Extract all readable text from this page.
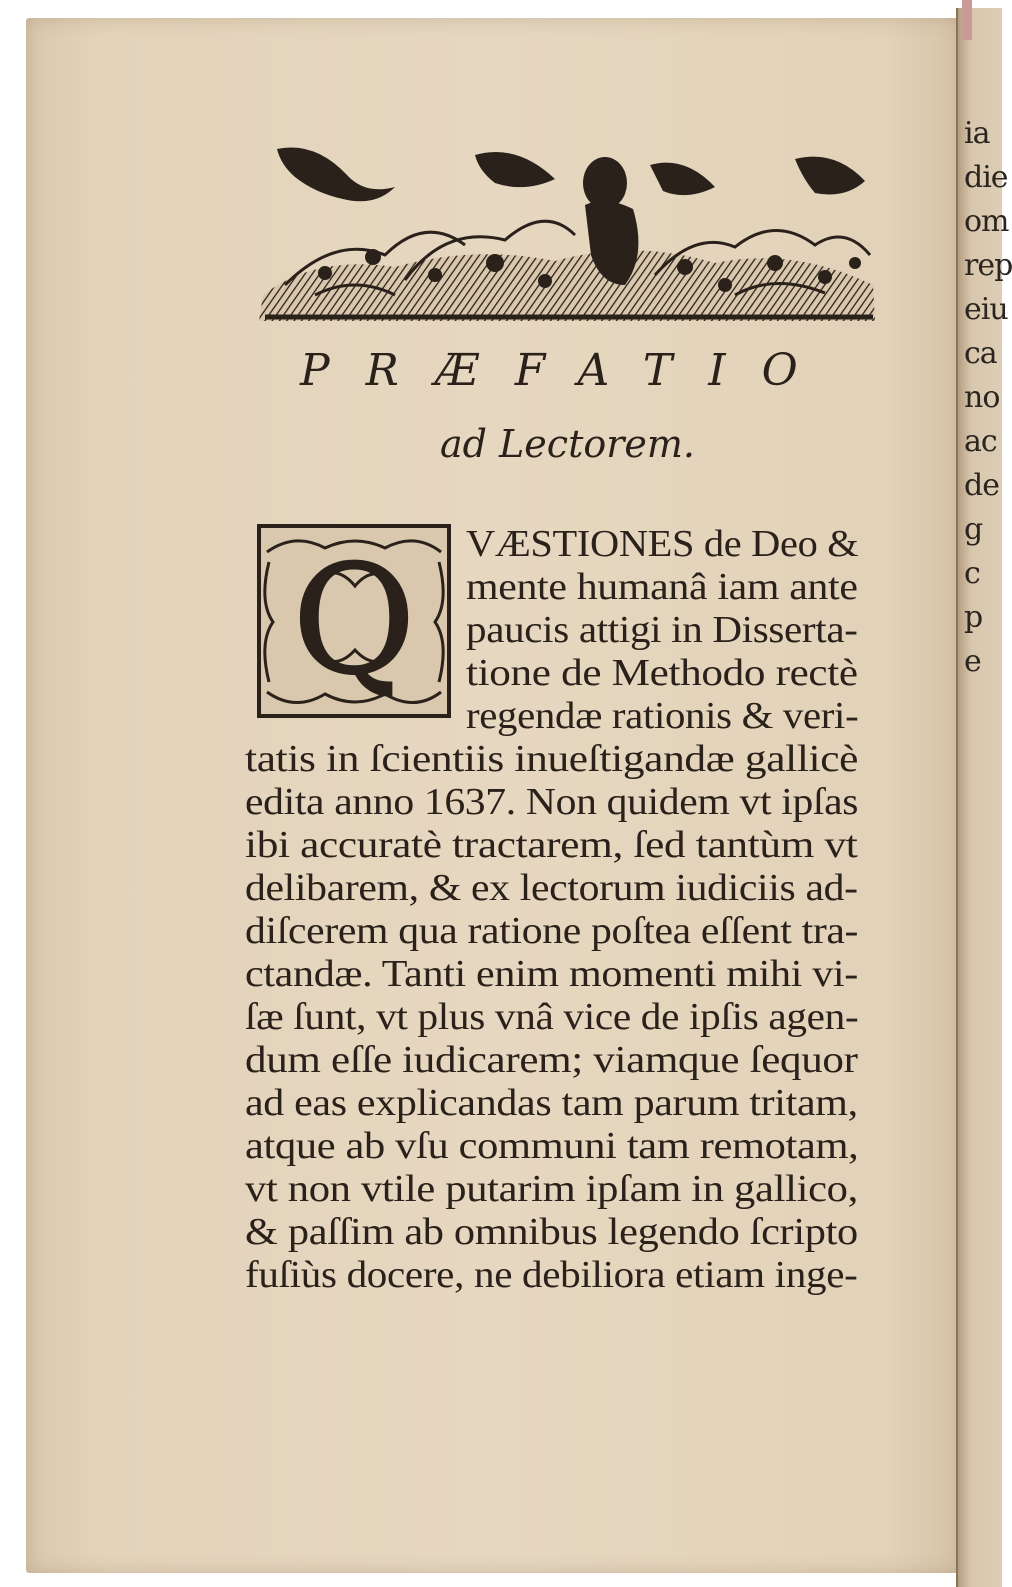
ia
die
om
rep
eiu
ca
no
ac
de
g
c
p
e
PRÆFATIO
ad Lectorem.
Q VÆSTIONES de Deo &
mente humanâ iam ante
paucis attigi in Disserta-
tione de Methodo rectè
regendæ rationis & veri-
tatis in ſcientiis inueſtigandæ gallicè
edita anno 1637. Non quidem vt ipſas
ibi accuratè tractarem, ſed tantùm vt
delibarem, & ex lectorum iudiciis ad-
diſcerem qua ratione poſtea eſſent tra-
ctandæ. Tanti enim momenti mihi vi-
ſæ ſunt, vt plus vnâ vice de ipſis agen-
dum eſſe iudicarem; viamque ſequor
ad eas explicandas tam parum tritam,
atque ab vſu communi tam remotam,
vt non vtile putarim ipſam in gallico,
& paſſim ab omnibus legendo ſcripto
fuſiùs docere, ne debiliora etiam inge-
